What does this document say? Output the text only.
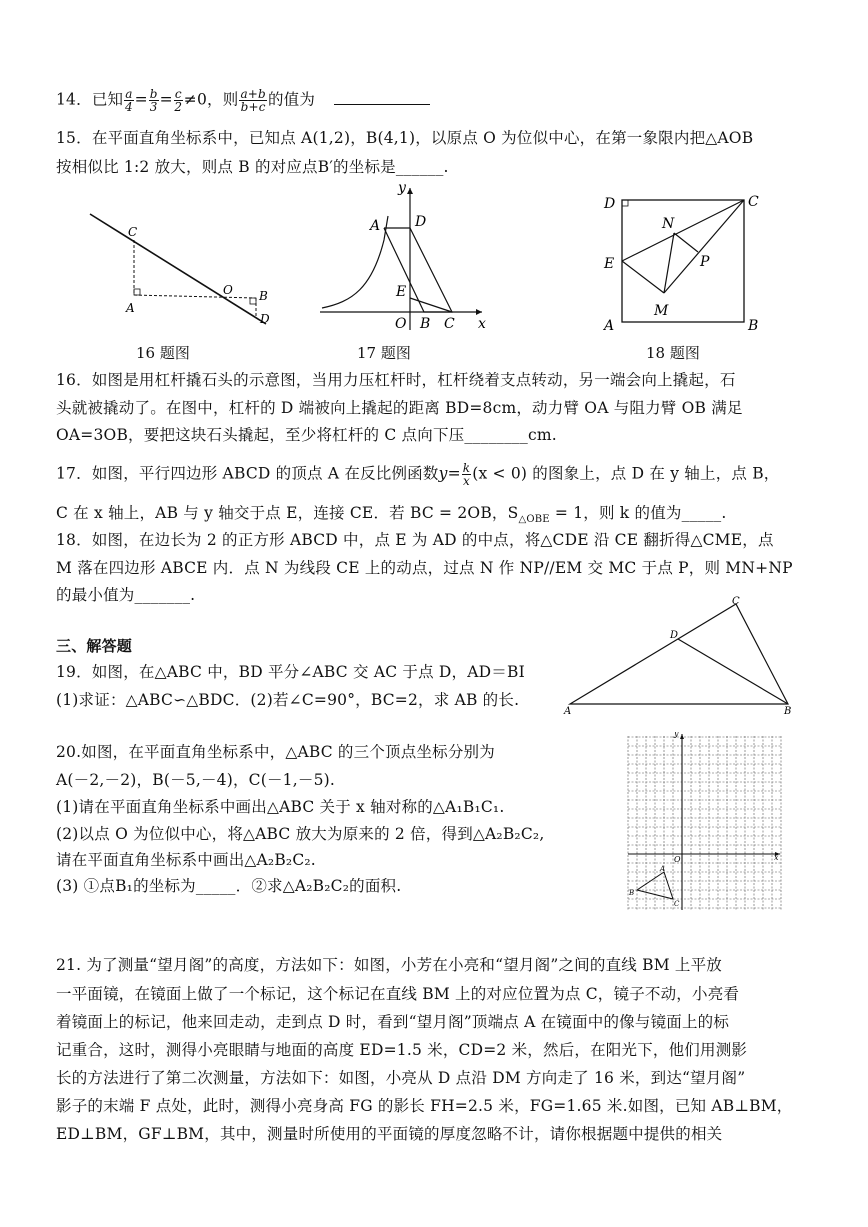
14．已知 $\frac{a}{4} = \frac{b}{3} = \frac{c}{2} \ne 0$，则 $\frac{a+b}{b+c}$ 的值为
15．在平面直角坐标系中，已知点 A(1,2)，B(4,1)，以原点 O 为位似中心，在第一象限内把△AOB
按相似比 1:2 放大，则点 B 的对应点B′的坐标是______.
C
A
O B
D
16 题图
A D
E
O B C x
y
17 题图
D	C
N
E	P
M
A	B
18 题图
16．如图是用杠杆撬石头的示意图，当用力压杠杆时，杠杆绕着支点转动，另一端会向上撬起，石
头就被撬动了。在图中，杠杆的 D 端被向上撬起的距离 BD=8cm，动力臂 OA 与阻力臂 OB 满足
OA=3OB，要把这块石头撬起，至少将杠杆的 C 点向下压________cm.
17．如图，平行四边形 ABCD 的顶点 A 在反比例函数$y= \frac{k}{x} (x < 0)$ 的图象上，点 D 在 y 轴上，点 B，
C 在 x 轴上，AB 与 y 轴交于点 E，连接 CE．若 BC = 2OB，$S_{\triangle OBE} = 1$，则 k 的值为_____.
18．如图，在边长为 2 的正方形 ABCD 中，点 E 为 AD 的中点，将△CDE 沿 CE 翻折得△CME，点
M 落在四边形 ABCE 内．点 N 为线段 CE 上的动点，过点 N 作 NP//EM 交 MC 于点 P，则 MN+NP
的最小值为_______.
三、解答题
19．如图，在△ABC 中，BD 平分∠ABC 交 AC 于点 D，AD＝BI
(1)求证：△ABC∽△BDC．(2)若∠C=90°，BC=2，求 AB 的长.
C
D
A	B
20.如图，在平面直角坐标系中，△ABC 的三个顶点坐标分别为
A(－2,－2)，B(－5,－4)，C(－1,－5).
(1)请在平面直角坐标系中画出△ABC 关于 x 轴对称的△A₁B₁C₁.
(2)以点 O 为位似中心，将△ABC 放大为原来的 2 倍，得到△A₂B₂C₂,
请在平面直角坐标系中画出△A₂B₂C₂.
(3) ①点B₁的坐标为_____．②求△A₂B₂C₂的面积.
y
x
O
A
B
C
21. 为了测量“望月阁”的高度，方法如下：如图，小芳在小亮和“望月阁”之间的直线 BM 上平放
一平面镜，在镜面上做了一个标记，这个标记在直线 BM 上的对应位置为点 C，镜子不动，小亮看
着镜面上的标记，他来回走动，走到点 D 时，看到“望月阁”顶端点 A 在镜面中的像与镜面上的标
记重合，这时，测得小亮眼睛与地面的高度 ED=1.5 米，CD=2 米，然后，在阳光下，他们用测影
长的方法进行了第二次测量，方法如下：如图，小亮从 D 点沿 DM 方向走了 16 米，到达“望月阁”
影子的末端 F 点处，此时，测得小亮身高 FG 的影长 FH=2.5 米，FG=1.65 米.如图，已知 AB⊥BM，
ED⊥BM，GF⊥BM，其中，测量时所使用的平面镜的厚度忽略不计，请你根据题中提供的相关
